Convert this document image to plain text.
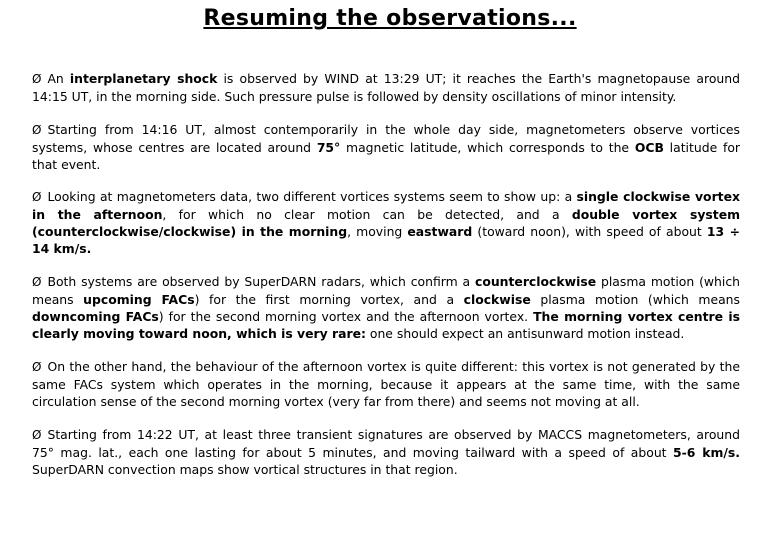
Resuming the observations...
Ø An interplanetary shock is observed by WIND at 13:29 UT; it reaches the Earth's magnetopause around 14:15 UT, in the morning side. Such pressure pulse is followed by density oscillations of minor intensity.
Ø Starting from 14:16 UT, almost contemporarily in the whole day side, magnetometers observe vortices systems, whose centres are located around 75° magnetic latitude, which corresponds to the OCB latitude for that event.
Ø Looking at magnetometers data, two different vortices systems seem to show up: a single clockwise vortex in the afternoon, for which no clear motion can be detected, and a double vortex system (counterclockwise/clockwise) in the morning, moving eastward (toward noon), with speed of about 13 ÷ 14 km/s.
Ø Both systems are observed by SuperDARN radars, which confirm a counterclockwise plasma motion (which means upcoming FACs) for the first morning vortex, and a clockwise plasma motion (which means downcoming FACs) for the second morning vortex and the afternoon vortex. The morning vortex centre is clearly moving toward noon, which is very rare: one should expect an antisunward motion instead.
Ø On the other hand, the behaviour of the afternoon vortex is quite different: this vortex is not generated by the same FACs system which operates in the morning, because it appears at the same time, with the same circulation sense of the second morning vortex (very far from there) and seems not moving at all.
Ø Starting from 14:22 UT, at least three transient signatures are observed by MACCS magnetometers, around 75° mag. lat., each one lasting for about 5 minutes, and moving tailward with a speed of about 5-6 km/s. SuperDARN convection maps show vortical structures in that region.
